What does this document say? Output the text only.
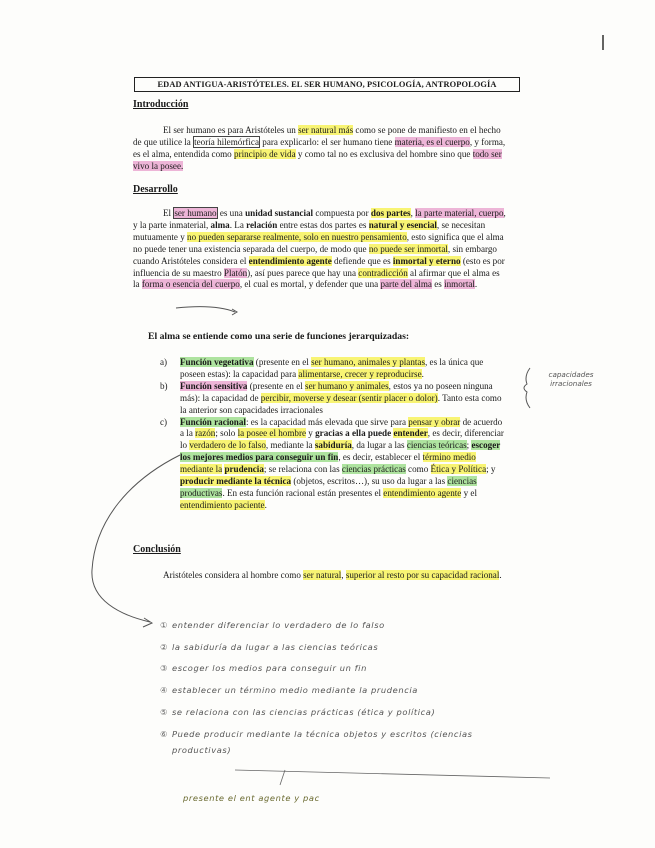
EDAD ANTIGUA-ARISTÓTELES. EL SER HUMANO, PSICOLOGÍA, ANTROPOLOGÍA
Introducción
El ser humano es para Aristóteles un ser natural más como se pone de manifiesto en el hecho de que utilice la teoría hilemórfica para explicarlo: el ser humano tiene materia, es el cuerpo, y forma, es el alma, entendida como principio de vida y como tal no es exclusiva del hombre sino que todo ser vivo la posee.
Desarrollo
El ser humano es una unidad sustancial compuesta por dos partes, la parte material, cuerpo, y la parte inmaterial, alma. La relación entre estas dos partes es natural y esencial, se necesitan mutuamente y no pueden separarse realmente, solo en nuestro pensamiento, esto significa que el alma no puede tener una existencia separada del cuerpo, de modo que no puede ser inmortal, sin embargo cuando Aristóteles considera el entendimiento agente defiende que es inmortal y eterno (esto es por influencia de su maestro Platón), así pues parece que hay una contradicción al afirmar que el alma es la forma o esencia del cuerpo, el cual es mortal, y defender que una parte del alma es inmortal.
El alma se entiende como una serie de funciones jerarquizadas:
a) Función vegetativa (presente en el ser humano, animales y plantas, es la única que poseen estas): la capacidad para alimentarse, crecer y reproducirse.
b) Función sensitiva (presente en el ser humano y animales, estos ya no poseen ninguna más): la capacidad de percibir, moverse y desear (sentir placer o dolor). Tanto esta como la anterior son capacidades irracionales
c) Función racional: es la capacidad más elevada que sirve para pensar y obrar de acuerdo a la razón; solo la posee el hombre y gracias a ella puede entender, es decir, diferenciar lo verdadero de lo falso, mediante la sabiduría, da lugar a las ciencias teóricas; escoger los mejores medios para conseguir un fin, es decir, establecer el término medio mediante la prudencia; se relaciona con las ciencias prácticas como Ética y Política; y producir mediante la técnica (objetos, escritos…), su uso da lugar a las ciencias productivas. En esta función racional están presentes el entendimiento agente y el entendimiento paciente.
capacidades irracionales
Conclusión
Aristóteles considera al hombre como ser natural, superior al resto por su capacidad racional.
① entender diferenciar lo verdadero de lo falso
② la sabiduría da lugar a las ciencias teóricas
③ escoger los medios para conseguir un fin
④ establecer un término medio mediante la prudencia
⑤ se relaciona con las ciencias prácticas (ética y política)
⑥ Puede producir mediante la técnica objetos y escritos (ciencias
productivas)
presente el ent agente y pac
